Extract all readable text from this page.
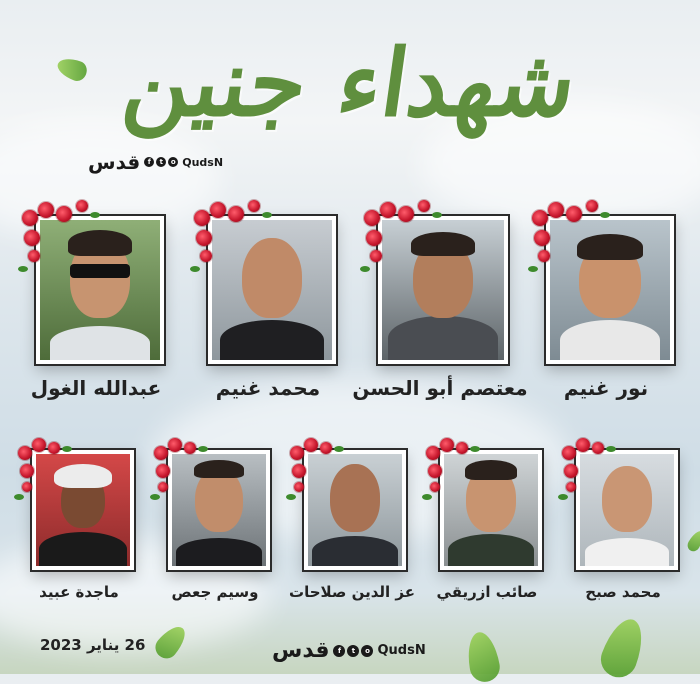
شهداء جنين
قدس	f	t	o QudsN
نور غنيم
معتصم أبو الحسن
محمد غنيم
عبدالله الغول
محمد صبح
صائب ازريقي
عز الدين صلاحات
وسيم جعص
ماجدة عبيد
26 يناير 2023	قدس	f	t	o QudsN
